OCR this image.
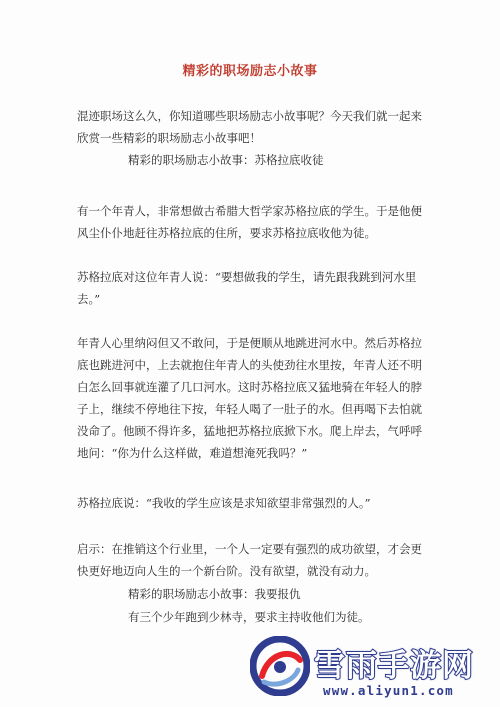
精彩的职场励志小故事

混迹职场这么久，你知道哪些职场励志小故事呢？今天我们就一起来欣赏一些精彩的职场励志小故事吧！

精彩的职场励志小故事：苏格拉底收徒

有一个年青人，非常想做古希腊大哲学家苏格拉底的学生。于是他便风尘仆仆地赶往苏格拉底的住所，要求苏格拉底收他为徒。

苏格拉底对这位年青人说：“要想做我的学生，请先跟我跳到河水里去。”

年青人心里纳闷但又不敢问，于是便顺从地跳进河水中。然后苏格拉底也跳进河中，上去就抱住年青人的头使劲往水里按，年青人还不明白怎么回事就连灌了几口河水。这时苏格拉底又猛地骑在年轻人的脖子上，继续不停地往下按，年轻人喝了一肚子的水。但再喝下去怕就没命了。他顾不得许多，猛地把苏格拉底掀下水。爬上岸去，气呼呼地问：“你为什么这样做，难道想淹死我吗？”

苏格拉底说：“我收的学生应该是求知欲望非常强烈的人。”

启示：在推销这个行业里，一个人一定要有强烈的成功欲望，才会更快更好地迈向人生的一个新台阶。没有欲望，就没有动力。

精彩的职场励志小故事：我要报仇

有三个少年跑到少林寺，要求主持收他们为徒。

雪雨手游网
www.aliyun1.com
